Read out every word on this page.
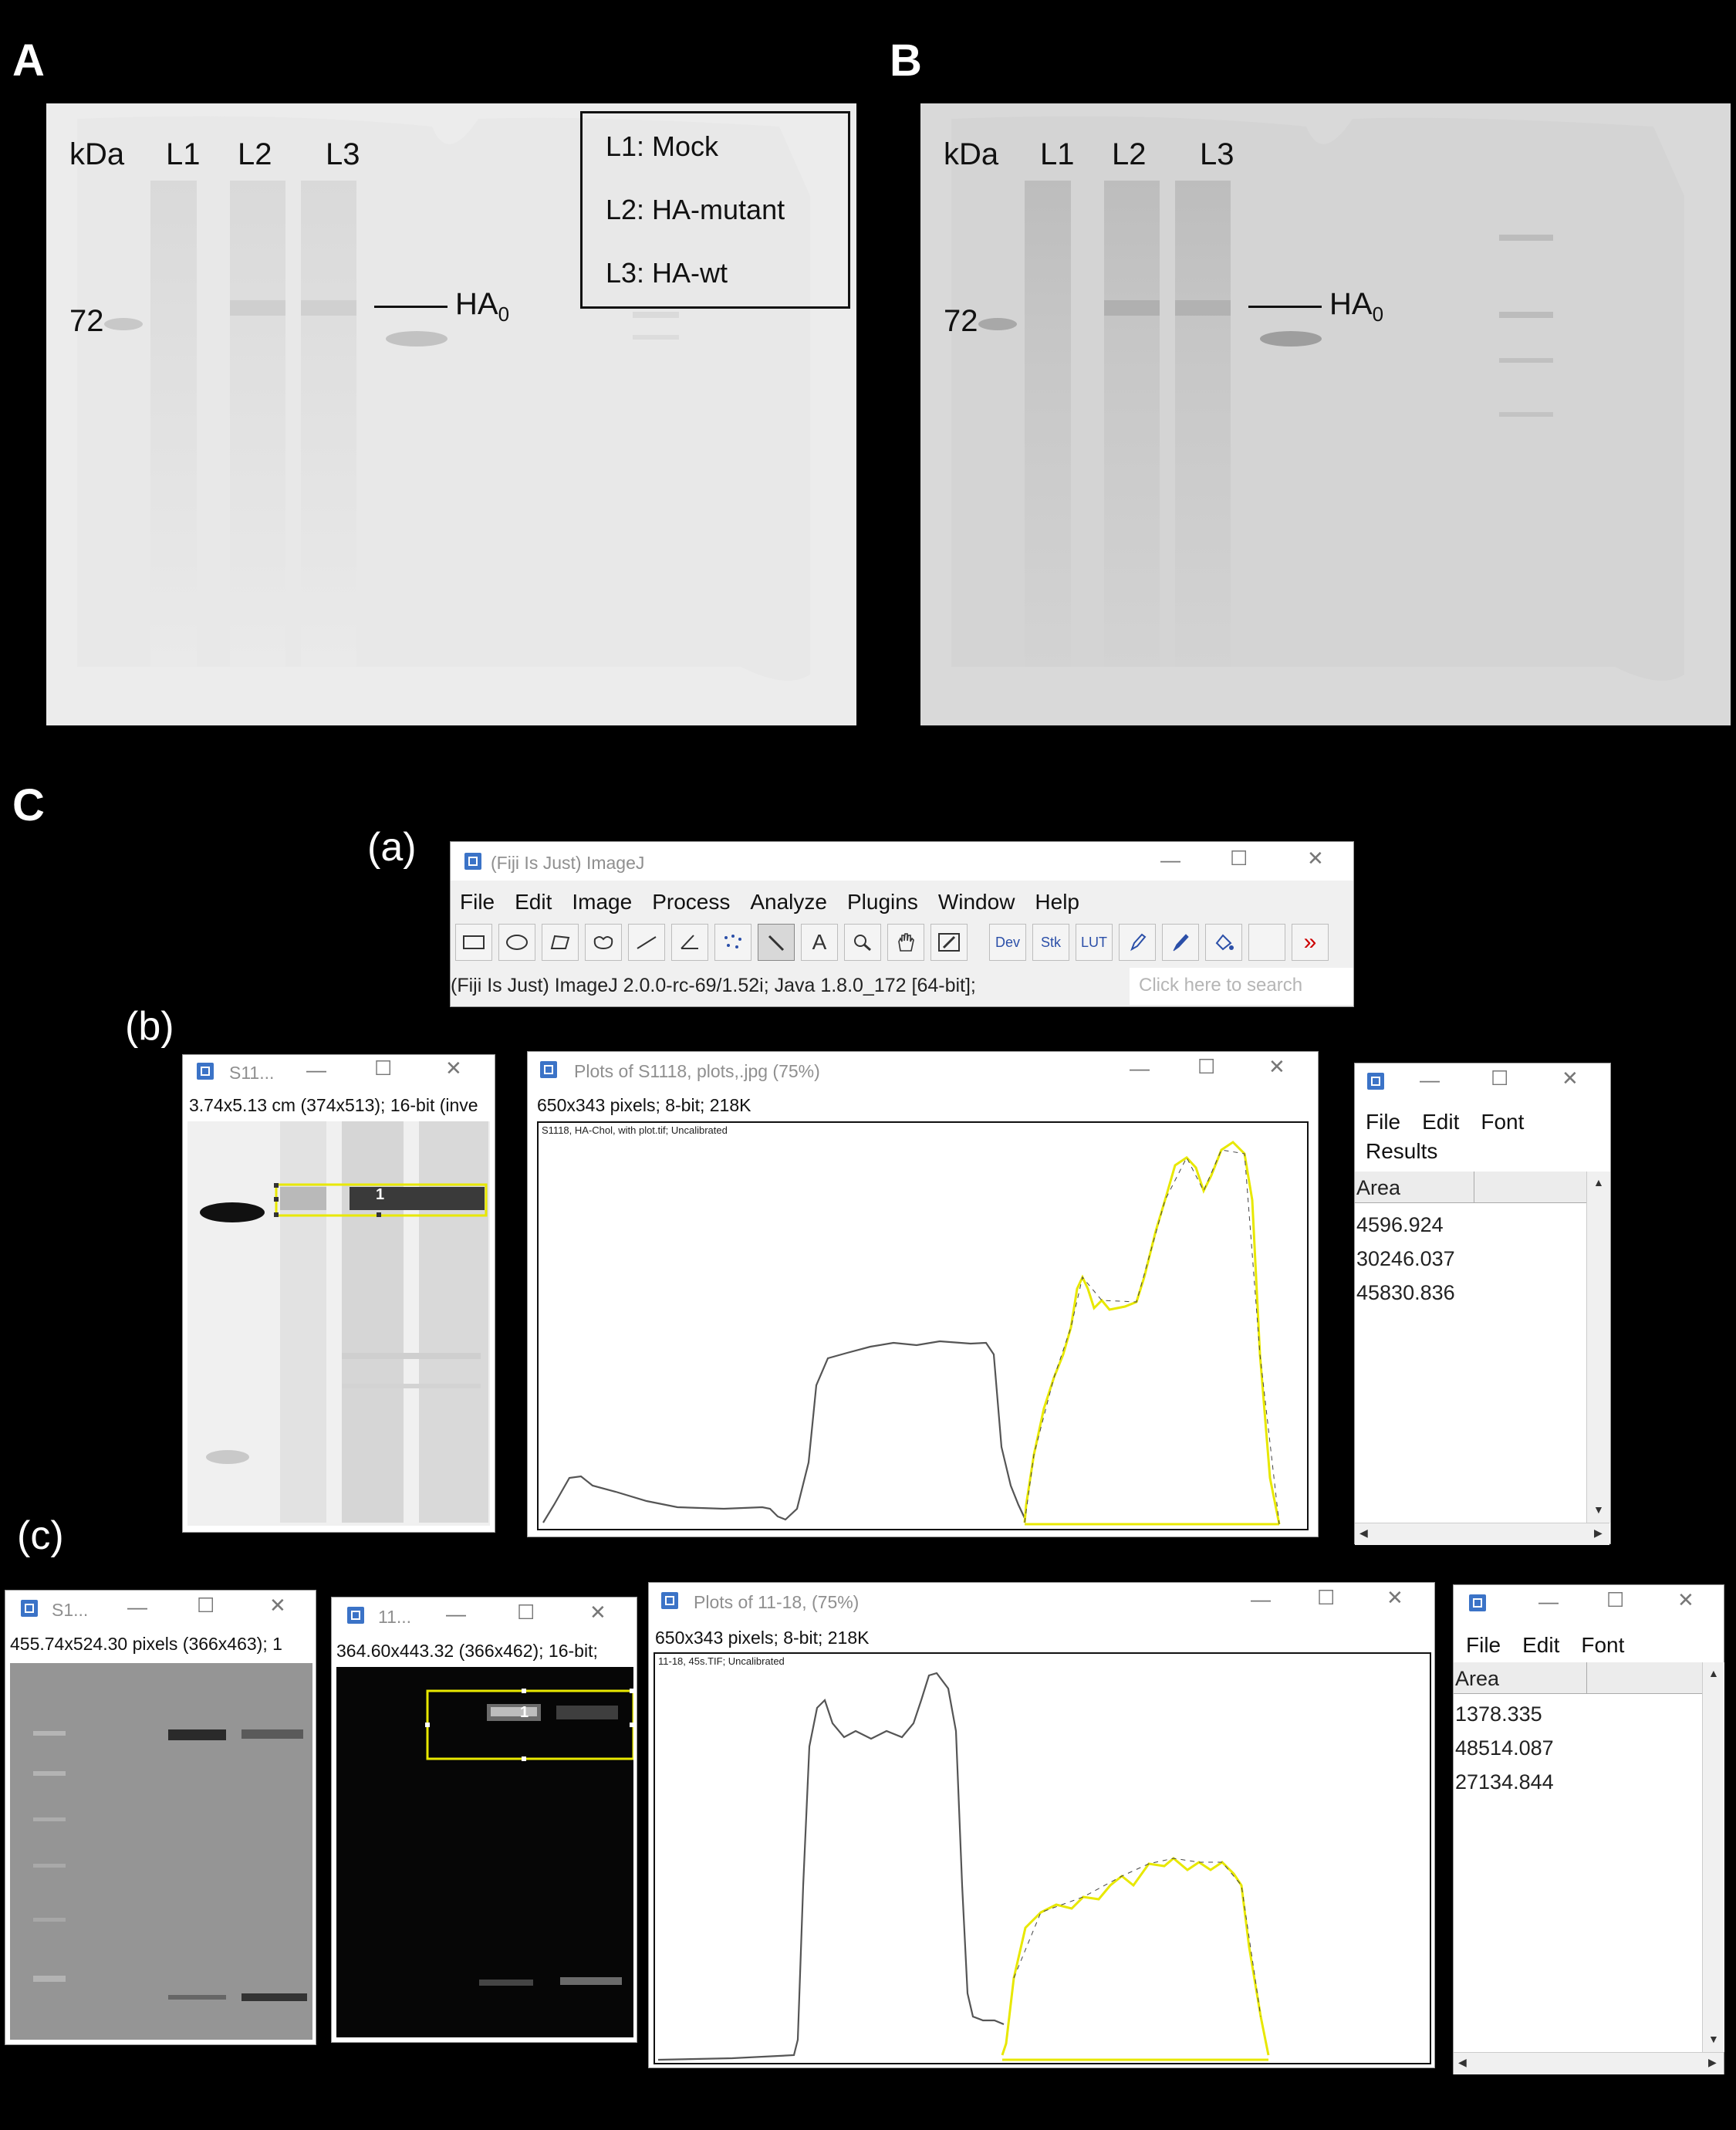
A
kDa L1 L2 L3
72	$HA_0$
L1: Mock
L2: HA-mutant
L3: HA-wt
B
kDa L1 L2 L3
72	$HA_0$
C
(a)
(b)
(c)
(Fiji Is Just) ImageJ	— ☐	✕
File Edit Image Process Analyze Plugins Window Help
A	Dev	Stk	LUT	»
(Fiji Is Just) ImageJ 2.0.0-rc-69/1.52i; Java 1.8.0_172 [64-bit];	Click here to search
S11... — ☐	✕
3.74x5.13 cm (374x513); 16-bit (inve
1
Plots of S1118, plots,.jpg (75%)	— ☐	✕
650x343 pixels; 8-bit; 218K
S1118, HA-Chol, with plot.tif; Uncalibrated
—	☐	✕
File Edit Font
Results
Area
4596.924
30246.037
45830.836
▲
▼
◀	▶
S1... — ☐	✕
455.74x524.30 pixels (366x463); 1
11... —	☐	✕
364.60x443.32 (366x462); 16-bit;
1
Plots of 11-18, (75%)	— ☐	✕
650x343 pixels; 8-bit; 218K
11-18, 45s.TIF; Uncalibrated
— ☐	✕
File Edit Font
Area
1378.335
48514.087
27134.844
▲
▼
◀	▶
